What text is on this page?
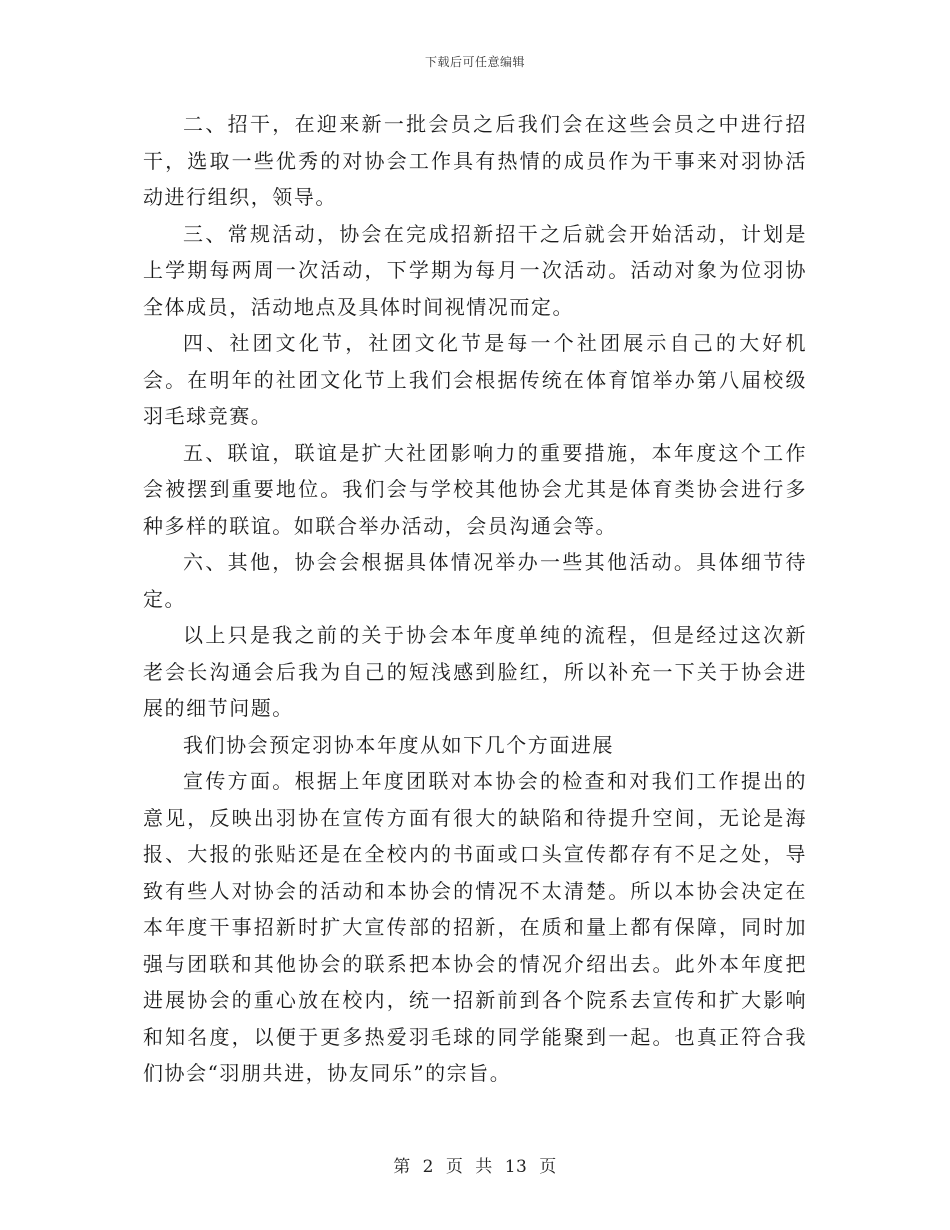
下载后可任意编辑

二、招干，在迎来新一批会员之后我们会在这些会员之中进行招干，选取一些优秀的对协会工作具有热情的成员作为干事来对羽协活动进行组织，领导。

三、常规活动，协会在完成招新招干之后就会开始活动，计划是上学期每两周一次活动，下学期为每月一次活动。活动对象为位羽协全体成员，活动地点及具体时间视情况而定。

四、社团文化节，社团文化节是每一个社团展示自己的大好机会。在明年的社团文化节上我们会根据传统在体育馆举办第八届校级羽毛球竞赛。

五、联谊，联谊是扩大社团影响力的重要措施，本年度这个工作会被摆到重要地位。我们会与学校其他协会尤其是体育类协会进行多种多样的联谊。如联合举办活动，会员沟通会等。

六、其他，协会会根据具体情况举办一些其他活动。具体细节待定。

以上只是我之前的关于协会本年度单纯的流程，但是经过这次新老会长沟通会后我为自己的短浅感到脸红，所以补充一下关于协会进展的细节问题。

我们协会预定羽协本年度从如下几个方面进展

宣传方面。根据上年度团联对本协会的检查和对我们工作提出的意见，反映出羽协在宣传方面有很大的缺陷和待提升空间，无论是海报、大报的张贴还是在全校内的书面或口头宣传都存有不足之处，导致有些人对协会的活动和本协会的情况不太清楚。所以本协会决定在本年度干事招新时扩大宣传部的招新，在质和量上都有保障，同时加强与团联和其他协会的联系把本协会的情况介绍出去。此外本年度把进展协会的重心放在校内，统一招新前到各个院系去宣传和扩大影响和知名度，以便于更多热爱羽毛球的同学能聚到一起。也真正符合我们协会“羽朋共进，协友同乐”的宗旨。

第 2 页 共 13 页
